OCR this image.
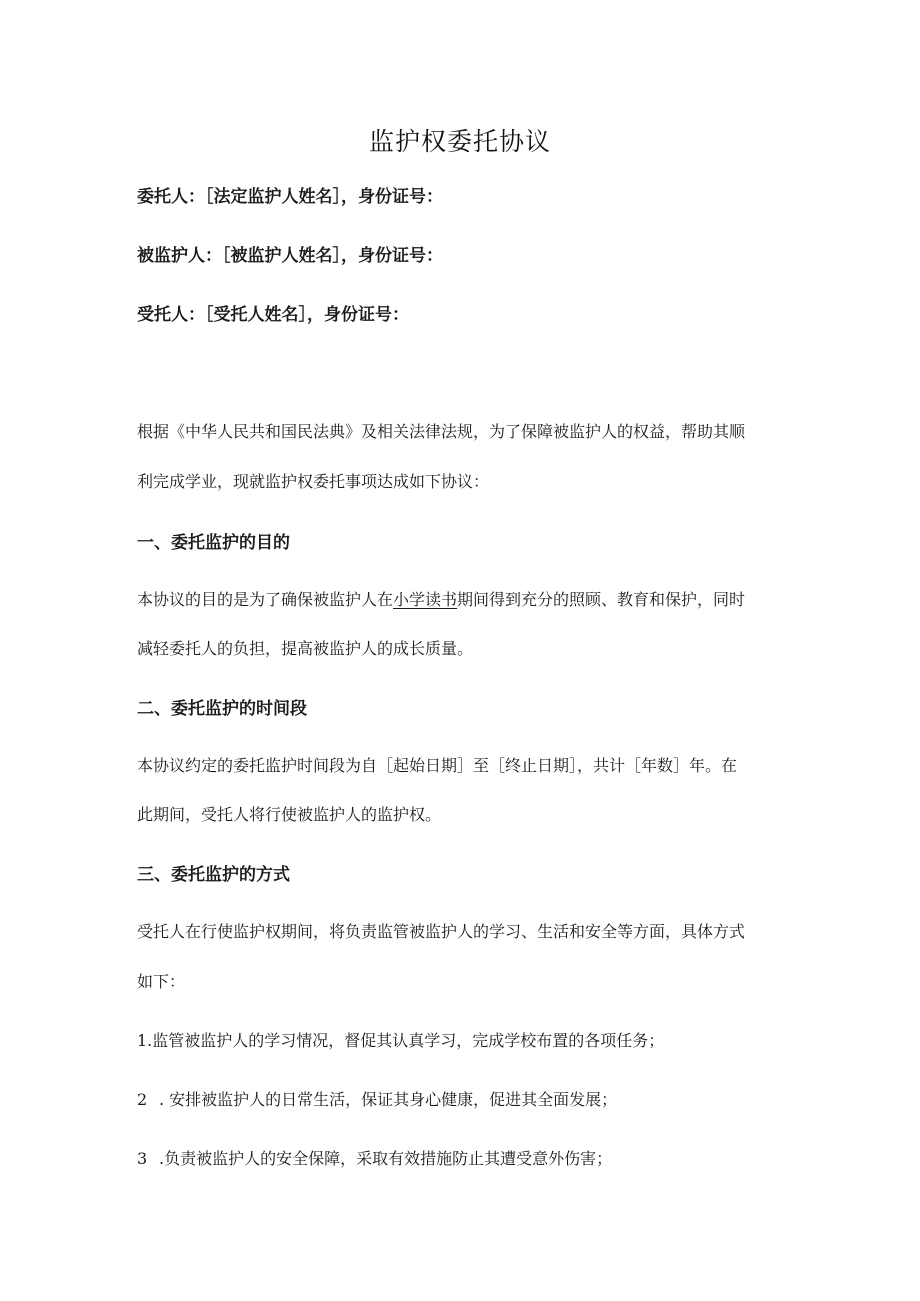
监护权委托协议
委托人：［法定监护人姓名］，身份证号：
被监护人：［被监护人姓名］，身份证号：
受托人：［受托人姓名］，身份证号：
根据《中华人民共和国民法典》及相关法律法规，为了保障被监护人的权益，帮助其顺
利完成学业，现就监护权委托事项达成如下协议：
一、委托监护的目的
本协议的目的是为了确保被监护人在小学读书期间得到充分的照顾、教育和保护，同时
减轻委托人的负担，提高被监护人的成长质量。
二、委托监护的时间段
本协议约定的委托监护时间段为自［起始日期］至［终止日期］，共计［年数］年。在
此期间，受托人将行使被监护人的监护权。
三、委托监护的方式
受托人在行使监护权期间，将负责监管被监护人的学习、生活和安全等方面，具体方式
如下：
1.监管被监护人的学习情况，督促其认真学习，完成学校布置的各项任务；
2 . 安排被监护人的日常生活，保证其身心健康，促进其全面发展；
3 .负责被监护人的安全保障，采取有效措施防止其遭受意外伤害；
